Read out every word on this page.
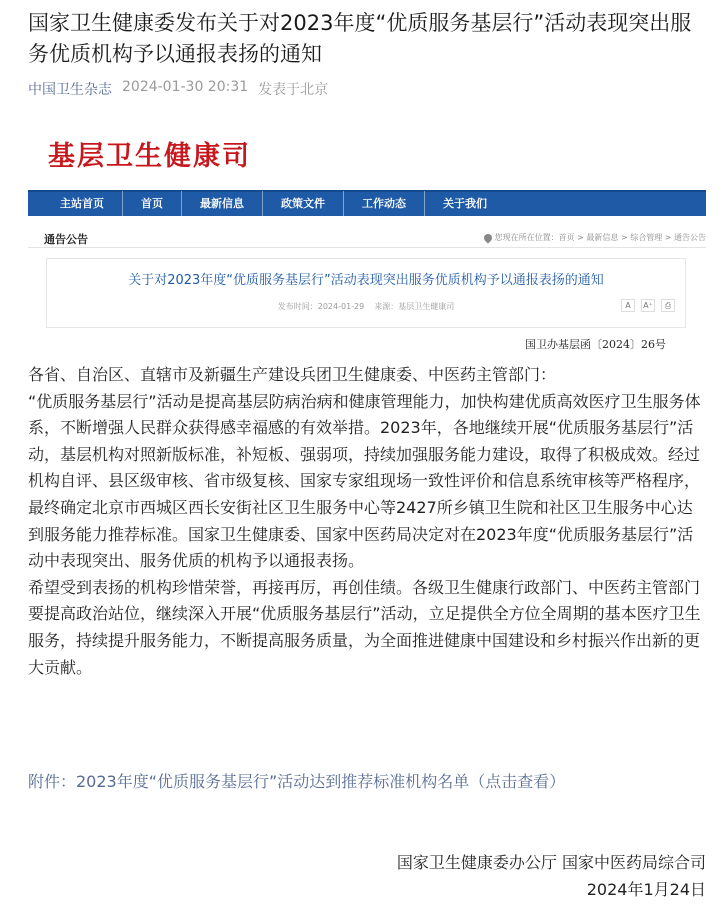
国家卫生健康委发布关于对2023年度“优质服务基层行”活动表现突出服务优质机构予以通报表扬的通知
中国卫生杂志 2024-01-30 20:31 发表于北京
基层卫生健康司
主站首页	首页	最新信息	政策文件	工作动态	关于我们
通告公告	您现在所在位置：首页 > 最新信息 > 综合管理 > 通告公告
关于对2023年度“优质服务基层行”活动表现突出服务优质机构予以通报表扬的通知
发布时间：2024-01-29 来源：基层卫生健康司	A	A⁺	⎙
国卫办基层函〔2024〕26号

各省、自治区、直辖市及新疆生产建设兵团卫生健康委、中医药主管部门：

“优质服务基层行”活动是提高基层防病治病和健康管理能力，加快构建优质高效医疗卫生服务体系，不断增强人民群众获得感幸福感的有效举措。2023年，各地继续开展“优质服务基层行”活动，基层机构对照新版标准，补短板、强弱项，持续加强服务能力建设，取得了积极成效。经过机构自评、县区级审核、省市级复核、国家专家组现场一致性评价和信息系统审核等严格程序，最终确定北京市西城区西长安街社区卫生服务中心等2427所乡镇卫生院和社区卫生服务中心达到服务能力推荐标准。国家卫生健康委、国家中医药局决定对在2023年度“优质服务基层行”活动中表现突出、服务优质的机构予以通报表扬。

希望受到表扬的机构珍惜荣誉，再接再厉，再创佳绩。各级卫生健康行政部门、中医药主管部门要提高政治站位，继续深入开展“优质服务基层行”活动，立足提供全方位全周期的基本医疗卫生服务，持续提升服务能力，不断提高服务质量，为全面推进健康中国建设和乡村振兴作出新的更大贡献。

附件：2023年度“优质服务基层行”活动达到推荐标准机构名单（点击查看）
国家卫生健康委办公厅 国家中医药局综合司
2024年1月24日
